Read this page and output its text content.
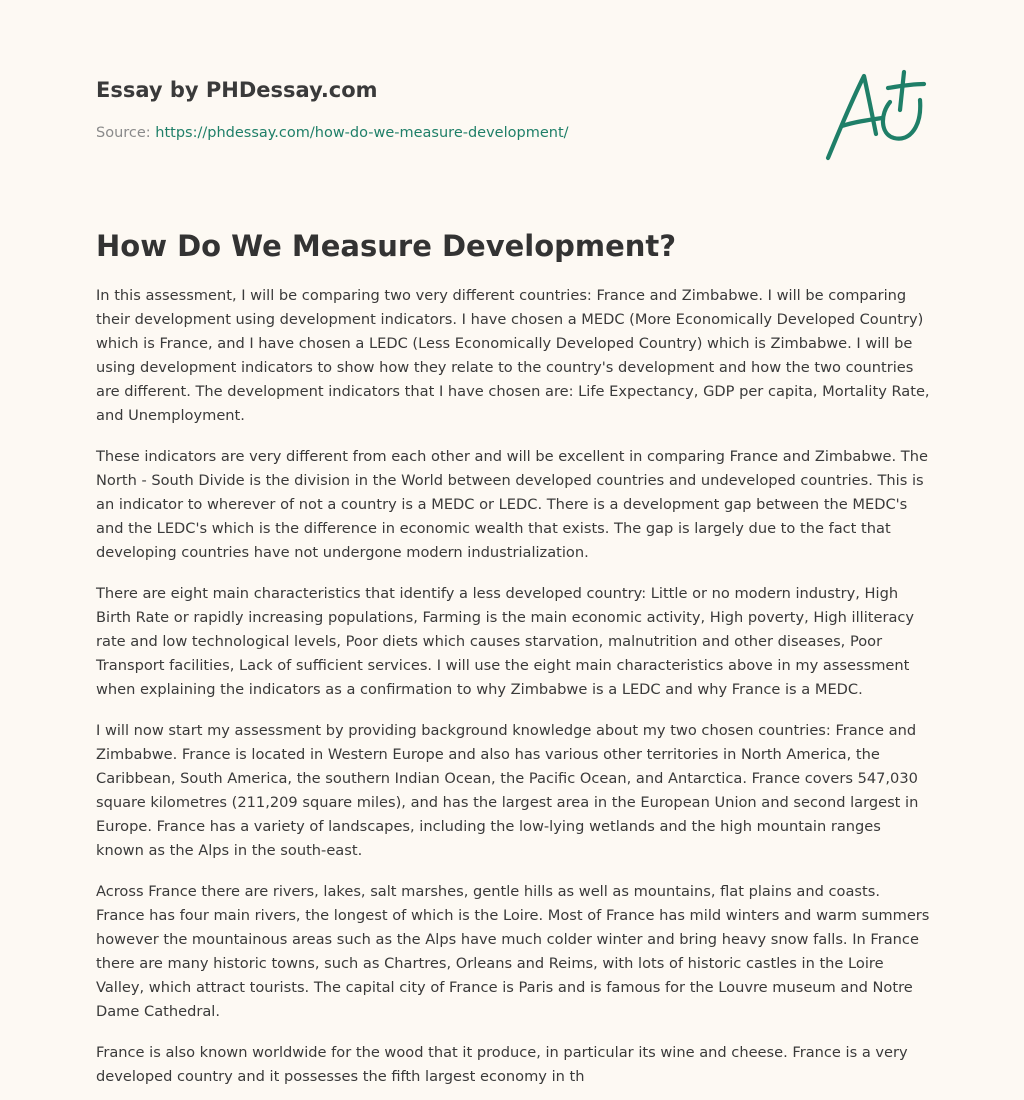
Essay by PHDessay.com
Source: https://phdessay.com/how-do-we-measure-development/
How Do We Measure Development?

In this assessment, I will be comparing two very different countries: France and Zimbabwe. I will be comparing their development using development indicators. I have chosen a MEDC (More Economically Developed Country) which is France, and I have chosen a LEDC (Less Economically Developed Country) which is Zimbabwe. I will be using development indicators to show how they relate to the country's development and how the two countries are different. The development indicators that I have chosen are: Life Expectancy, GDP per capita, Mortality Rate, and Unemployment.

These indicators are very different from each other and will be excellent in comparing France and Zimbabwe. The North - South Divide is the division in the World between developed countries and undeveloped countries. This is an indicator to wherever of not a country is a MEDC or LEDC. There is a development gap between the MEDC's and the LEDC's which is the difference in economic wealth that exists. The gap is largely due to the fact that developing countries have not undergone modern industrialization.

There are eight main characteristics that identify a less developed country: Little or no modern industry, High Birth Rate or rapidly increasing populations, Farming is the main economic activity, High poverty, High illiteracy rate and low technological levels, Poor diets which causes starvation, malnutrition and other diseases, Poor Transport facilities, Lack of sufficient services. I will use the eight main characteristics above in my assessment when explaining the indicators as a confirmation to why Zimbabwe is a LEDC and why France is a MEDC.

I will now start my assessment by providing background knowledge about my two chosen countries: France and Zimbabwe. France is located in Western Europe and also has various other territories in North America, the Caribbean, South America, the southern Indian Ocean, the Pacific Ocean, and Antarctica. France covers 547,030 square kilometres (211,209 square miles), and has the largest area in the European Union and second largest in Europe. France has a variety of landscapes, including the low-lying wetlands and the high mountain ranges known as the Alps in the south-east.

Across France there are rivers, lakes, salt marshes, gentle hills as well as mountains, flat plains and coasts. France has four main rivers, the longest of which is the Loire. Most of France has mild winters and warm summers however the mountainous areas such as the Alps have much colder winter and bring heavy snow falls. In France there are many historic towns, such as Chartres, Orleans and Reims, with lots of historic castles in the Loire Valley, which attract tourists. The capital city of France is Paris and is famous for the Louvre museum and Notre Dame Cathedral.

France is also known worldwide for the wood that it produce, in particular its wine and cheese. France is a very developed country and it possesses the fifth largest economy in th
